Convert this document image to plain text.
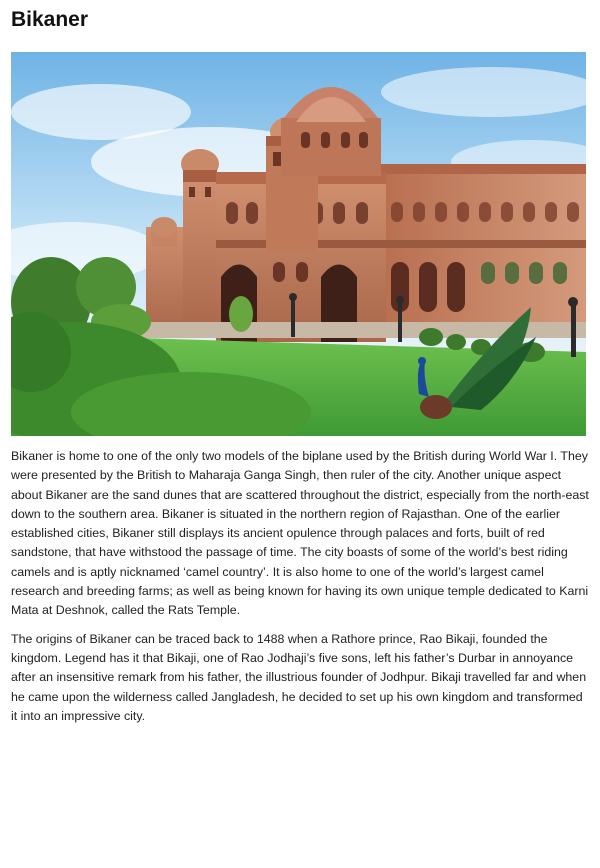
Bikaner

Bikaner is home to one of the only two models of the biplane used by the British during World War I. They were presented by the British to Maharaja Ganga Singh, then ruler of the city. Another unique aspect about Bikaner are the sand dunes that are scattered throughout the district, especially from the north-east down to the southern area. Bikaner is situated in the northern region of Rajasthan. One of the earlier established cities, Bikaner still displays its ancient opulence through palaces and forts, built of red sandstone, that have withstood the passage of time. The city boasts of some of the world’s best riding camels and is aptly nicknamed ‘camel country’. It is also home to one of the world’s largest camel research and breeding farms; as well as being known for having its own unique temple dedicated to Karni Mata at Deshnok, called the Rats Temple.

The origins of Bikaner can be traced back to 1488 when a Rathore prince, Rao Bikaji, founded the kingdom. Legend has it that Bikaji, one of Rao Jodhaji’s five sons, left his father’s Durbar in annoyance after an insensitive remark from his father, the illustrious founder of Jodhpur. Bikaji travelled far and when he came upon the wilderness called Jangladesh, he decided to set up his own kingdom and transformed it into an impressive city.
